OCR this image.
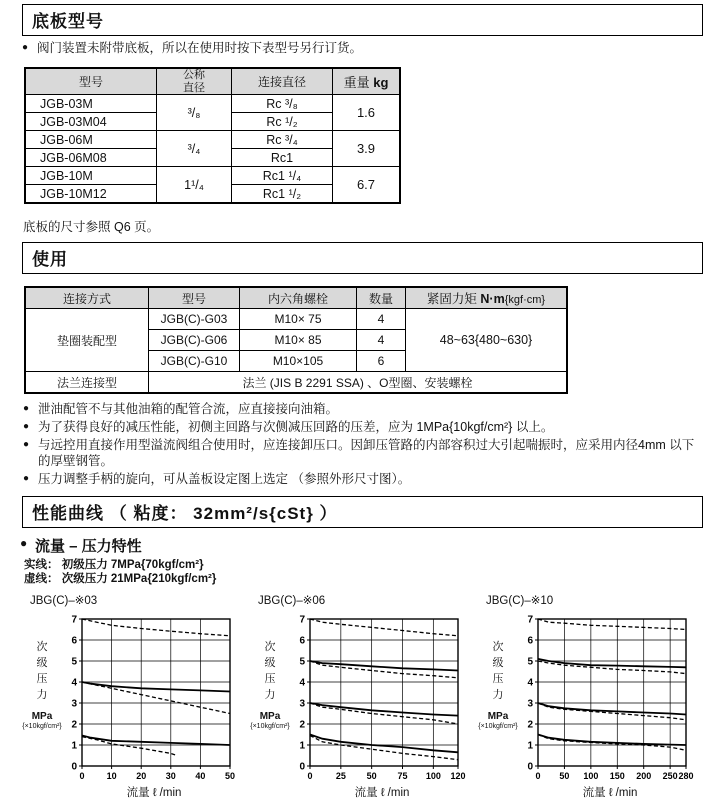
底板型号
● 阀门装置未附带底板，所以在使用时按下表型号另行订货。
型号	公称直径	连接直径	重量 kg
JGB-03M	³/₈	Rc ³/₈	1.6
JGB-03M04		Rc ¹/₂	
JGB-06M	³/₄	Rc ³/₄	3.9
JGB-06M08		Rc1	
JGB-10M	1¹/₄	Rc1 ¹/₄	6.7
JGB-10M12		Rc1 ¹/₂	
底板的尺寸参照 Q6 页。
使用
连接方式	型号	内六角螺栓	数量	紧固力矩 N·m{kgf·cm}
垫圈装配型	JGB(C)-G03	M10× 75	4	48~63{480~630}
	JGB(C)-G06	M10× 85	4	
	JGB(C)-G10	M10×105	6	
法兰连接型	法兰 (JIS B 2291 SSA) 、O型圈、安装螺栓			
● 泄油配管不与其他油箱的配管合流，应直接接向油箱。
● 为了获得良好的减压性能，初侧主回路与次侧减压回路的压差，应为 1MPa{10kgf/cm²} 以上。
● 与远控用直接作用型溢流阀组合使用时，应连接卸压口。因卸压管路的内部容积过大引起喘振时，应采用内径4mm 以下的厚壁钢管。
● 压力调整手柄的旋向，可从盖板设定图上选定 （参照外形尺寸图）。
性能曲线 （ 粘度： 32mm²/s{cSt} ）
● 流量 – 压力特性
实线： 初级压力 7MPa{70kgf/cm²}
虚线： 次级压力 21MPa{210kgf/cm²}
JBG(C)–※03
次级压力
MPa
{×10kgf/cm²}
0 10 20 30 40 50
0
1
2
3
4
5
6
7
流量 ℓ /min
JBG(C)–※06
次级压力
MPa
{×10kgf/cm²}
0	25 50 75 100 120
0
1
2
3
4
5
6
7
流量 ℓ /min
JBG(C)–※10
次级压力
MPa
{×10kgf/cm²}
0 50 100 150 200 250 280
0
1
2
3
4
5
6
7
流量 ℓ /min
